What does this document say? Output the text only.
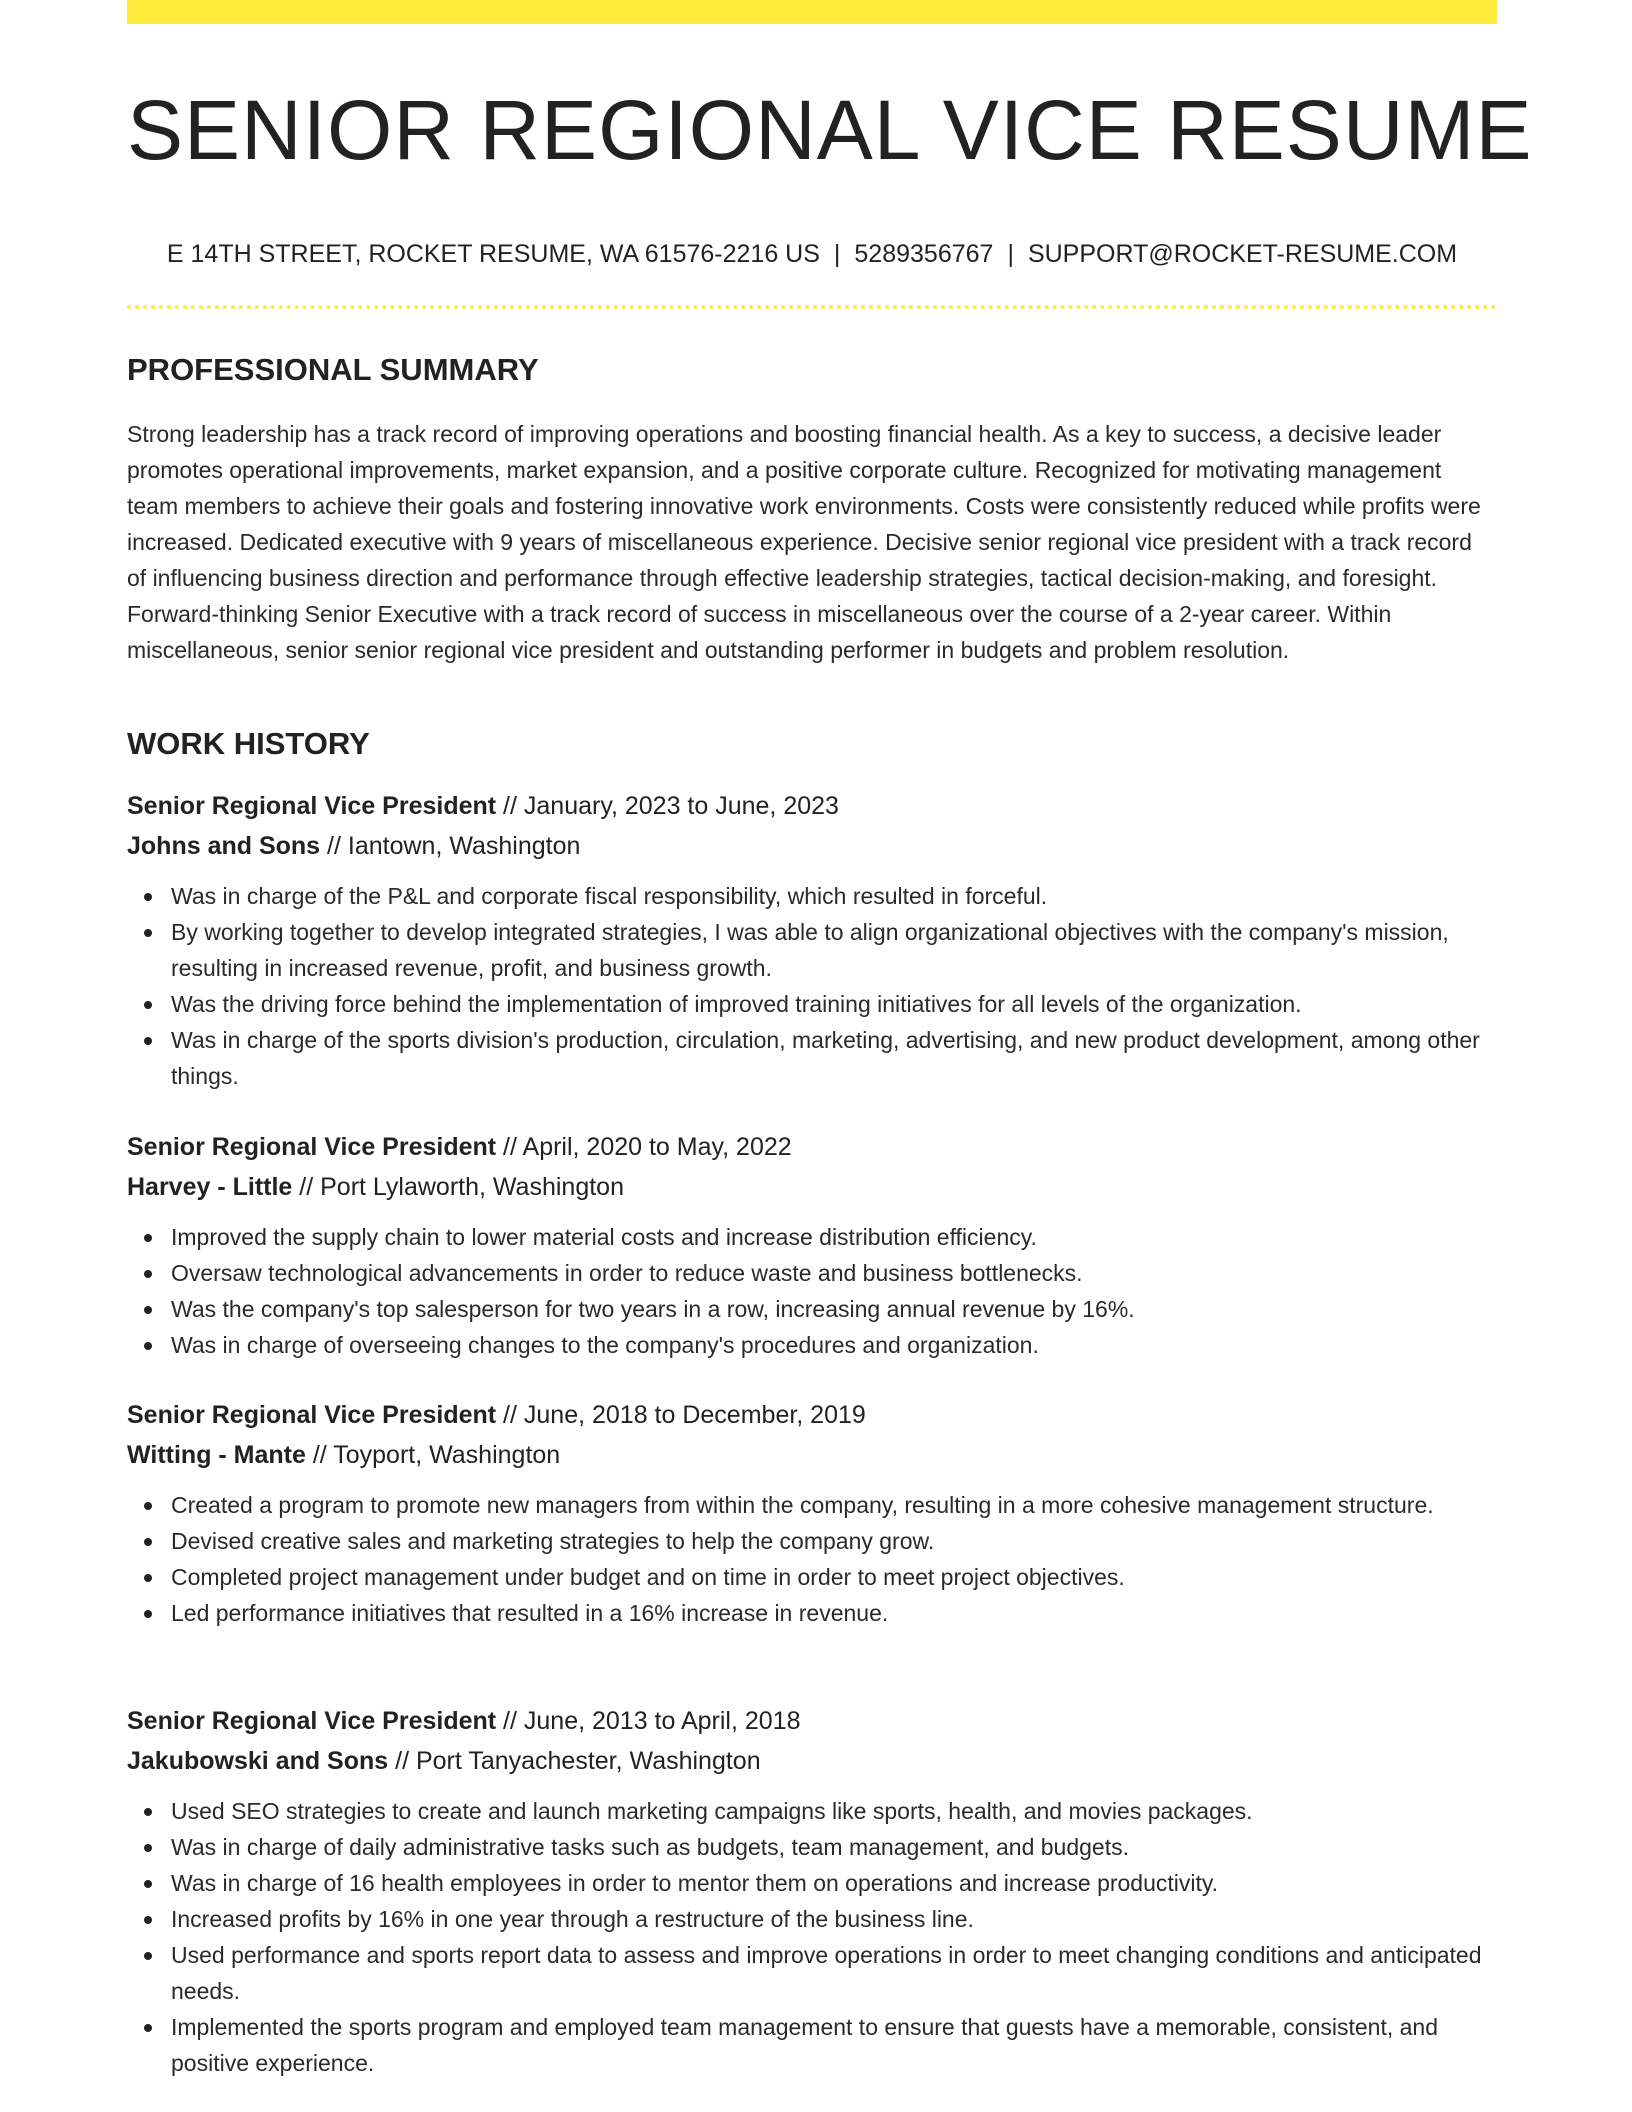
SENIOR REGIONAL VICE RESUME
E 14TH STREET, ROCKET RESUME, WA 61576-2216 US | 5289356767 | SUPPORT@ROCKET-RESUME.COM
PROFESSIONAL SUMMARY

Strong leadership has a track record of improving operations and boosting financial health. As a key to success, a decisive leader promotes operational improvements, market expansion, and a positive corporate culture. Recognized for motivating management team members to achieve their goals and fostering innovative work environments. Costs were consistently reduced while profits were increased. Dedicated executive with 9 years of miscellaneous experience. Decisive senior regional vice president with a track record of influencing business direction and performance through effective leadership strategies, tactical decision-making, and foresight. Forward-thinking Senior Executive with a track record of success in miscellaneous over the course of a 2-year career. Within miscellaneous, senior senior regional vice president and outstanding performer in budgets and problem resolution.

WORK HISTORY
Senior Regional Vice President // January, 2023 to June, 2023
Johns and Sons // Iantown, Washington
Was in charge of the P&L and corporate fiscal responsibility, which resulted in forceful.
By working together to develop integrated strategies, I was able to align organizational objectives with the company's mission, resulting in increased revenue, profit, and business growth.
Was the driving force behind the implementation of improved training initiatives for all levels of the organization.
Was in charge of the sports division's production, circulation, marketing, advertising, and new product development, among other things.
Senior Regional Vice President // April, 2020 to May, 2022
Harvey - Little // Port Lylaworth, Washington
Improved the supply chain to lower material costs and increase distribution efficiency.
Oversaw technological advancements in order to reduce waste and business bottlenecks.
Was the company's top salesperson for two years in a row, increasing annual revenue by 16%.
Was in charge of overseeing changes to the company's procedures and organization.
Senior Regional Vice President // June, 2018 to December, 2019
Witting - Mante // Toyport, Washington
Created a program to promote new managers from within the company, resulting in a more cohesive management structure.
Devised creative sales and marketing strategies to help the company grow.
Completed project management under budget and on time in order to meet project objectives.
Led performance initiatives that resulted in a 16% increase in revenue.
Senior Regional Vice President // June, 2013 to April, 2018
Jakubowski and Sons // Port Tanyachester, Washington
Used SEO strategies to create and launch marketing campaigns like sports, health, and movies packages.
Was in charge of daily administrative tasks such as budgets, team management, and budgets.
Was in charge of 16 health employees in order to mentor them on operations and increase productivity.
Increased profits by 16% in one year through a restructure of the business line.
Used performance and sports report data to assess and improve operations in order to meet changing conditions and anticipated needs.
Implemented the sports program and employed team management to ensure that guests have a memorable, consistent, and positive experience.
